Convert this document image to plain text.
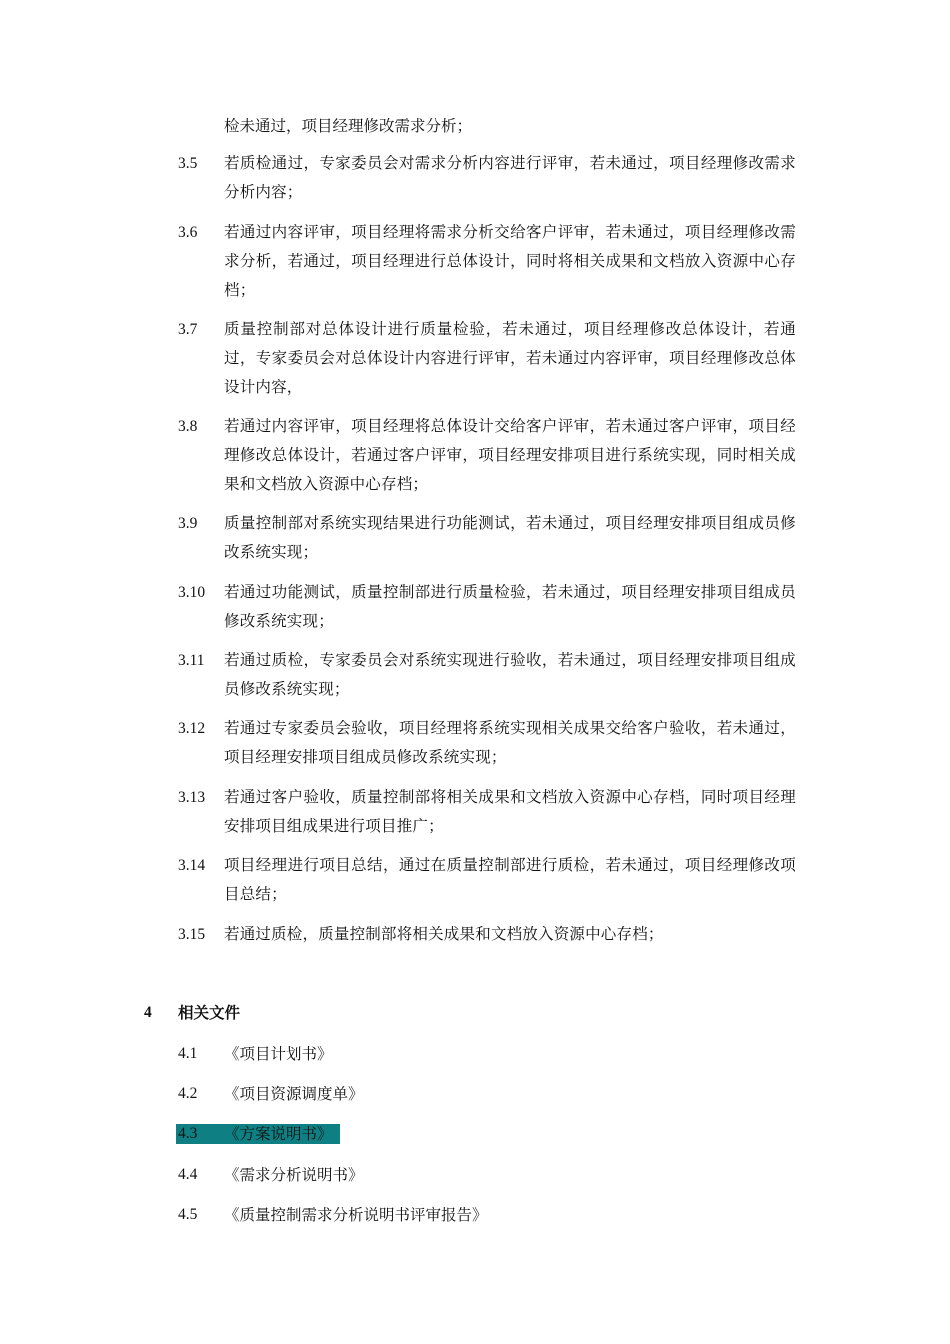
检未通过，项目经理修改需求分析；
3.5 若质检通过，专家委员会对需求分析内容进行评审，若未通过，项目经理修改需求分析内容；
3.6 若通过内容评审，项目经理将需求分析交给客户评审，若未通过，项目经理修改需求分析，若通过，项目经理进行总体设计，同时将相关成果和文档放入资源中心存档；
3.7 质量控制部对总体设计进行质量检验，若未通过，项目经理修改总体设计，若通过，专家委员会对总体设计内容进行评审，若未通过内容评审，项目经理修改总体设计内容，
3.8 若通过内容评审，项目经理将总体设计交给客户评审，若未通过客户评审，项目经理修改总体设计，若通过客户评审，项目经理安排项目进行系统实现，同时相关成果和文档放入资源中心存档；
3.9 质量控制部对系统实现结果进行功能测试，若未通过，项目经理安排项目组成员修改系统实现；
3.10 若通过功能测试，质量控制部进行质量检验，若未通过，项目经理安排项目组成员修改系统实现；
3.11 若通过质检，专家委员会对系统实现进行验收，若未通过，项目经理安排项目组成员修改系统实现；
3.12 若通过专家委员会验收，项目经理将系统实现相关成果交给客户验收，若未通过，项目经理安排项目组成员修改系统实现；
3.13 若通过客户验收，质量控制部将相关成果和文档放入资源中心存档，同时项目经理安排项目组成果进行项目推广；
3.14 项目经理进行项目总结，通过在质量控制部进行质检，若未通过，项目经理修改项目总结；
3.15 若通过质检，质量控制部将相关成果和文档放入资源中心存档；
4 相关文件
4.1 《项目计划书》
4.2 《项目资源调度单》
4.3 《方案说明书》
4.4 《需求分析说明书》
4.5 《质量控制需求分析说明书评审报告》
